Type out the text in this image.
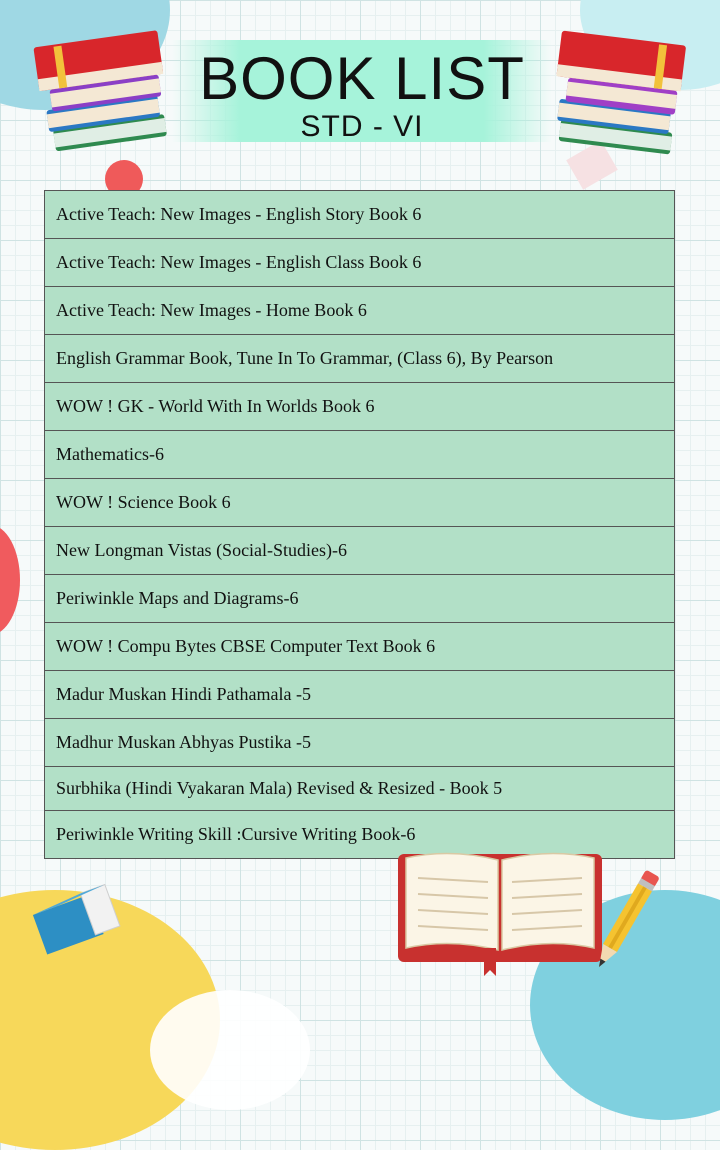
BOOK LIST
STD - VI
Active Teach: New Images - English Story Book 6
Active Teach: New Images - English Class Book 6
Active Teach: New Images - Home Book 6
English Grammar Book, Tune In To Grammar, (Class 6), By Pearson
WOW ! GK - World With In Worlds Book 6
Mathematics-6
WOW ! Science Book 6
New Longman Vistas (Social-Studies)-6
Periwinkle Maps and Diagrams-6
WOW ! Compu Bytes CBSE Computer Text Book 6
Madur Muskan Hindi Pathamala -5
Madhur Muskan Abhyas Pustika -5
Surbhika (Hindi Vyakaran Mala) Revised & Resized - Book 5
Periwinkle Writing Skill :Cursive Writing Book-6
